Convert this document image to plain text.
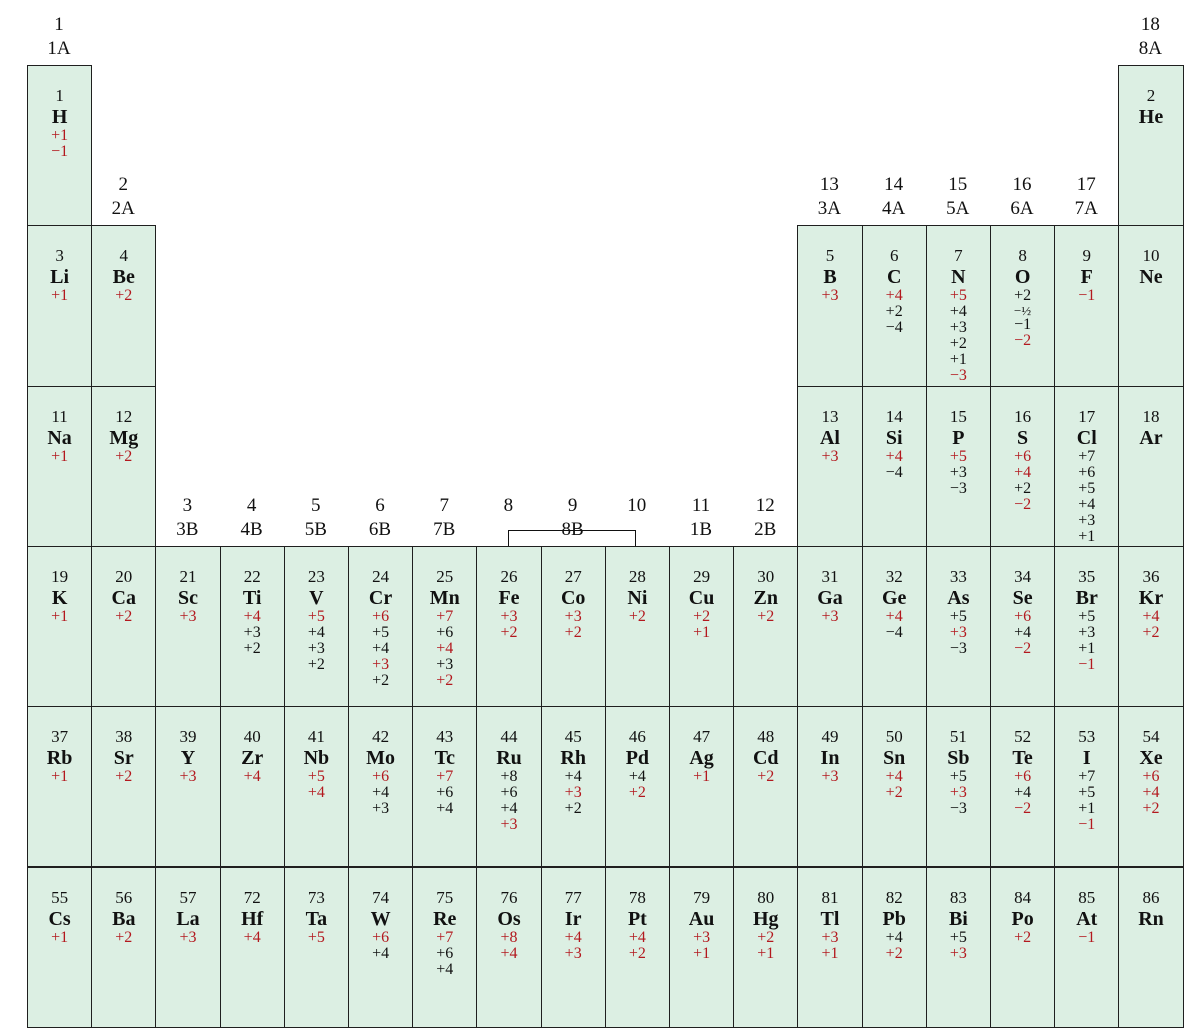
1
1A
2
2A
3
3B
4
4B
5
5B
6
6B
7
7B
8	9
8B
10	11
1B
12
2B
13
3A
14
4A
15
5A
16
6A
17
7A
18
8A
1
H
+1
−1
2
He
3
Li
+1
4
Be
+2
5
B
+3
6
C
+4
+2
−4
7
N
+5
+4
+3
+2
+1
−3
8
O
+2
−½
−1
−2
9
F
−1
10
Ne
11
Na
+1
12
Mg
+2
13
Al
+3
14
Si
+4
−4
15
P
+5
+3
−3
16
S
+6
+4
+2
−2
17
Cl
+7
+6
+5
+4
+3
+1
18
Ar
19
K
+1
20
Ca
+2
21
Sc
+3
22
Ti
+4
+3
+2
23
V
+5
+4
+3
+2
24
Cr
+6
+5
+4
+3
+2
25
Mn
+7
+6
+4
+3
+2
26
Fe
+3
+2
27
Co
+3
+2
28
Ni
+2
29
Cu
+2
+1
30
Zn
+2
31
Ga
+3
32
Ge
+4
−4
33
As
+5
+3
−3
34
Se
+6
+4
−2
35
Br
+5
+3
+1
−1
36
Kr
+4
+2
37
Rb
+1
38
Sr
+2
39
Y
+3
40
Zr
+4
41
Nb
+5
+4
42
Mo
+6
+4
+3
43
Tc
+7
+6
+4
44
Ru
+8
+6
+4
+3
45
Rh
+4
+3
+2
46
Pd
+4
+2
47
Ag
+1
48
Cd
+2
49
In
+3
50
Sn
+4
+2
51
Sb
+5
+3
−3
52
Te
+6
+4
−2
53
I
+7
+5
+1
−1
54
Xe
+6
+4
+2
55
Cs
+1
56
Ba
+2
57
La
+3
72
Hf
+4
73
Ta
+5
74
W
+6
+4
75
Re
+7
+6
+4
76
Os
+8
+4
77
Ir
+4
+3
78
Pt
+4
+2
79
Au
+3
+1
80
Hg
+2
+1
81
Tl
+3
+1
82
Pb
+4
+2
83
Bi
+5
+3
84
Po
+2
85
At
−1
86
Rn
